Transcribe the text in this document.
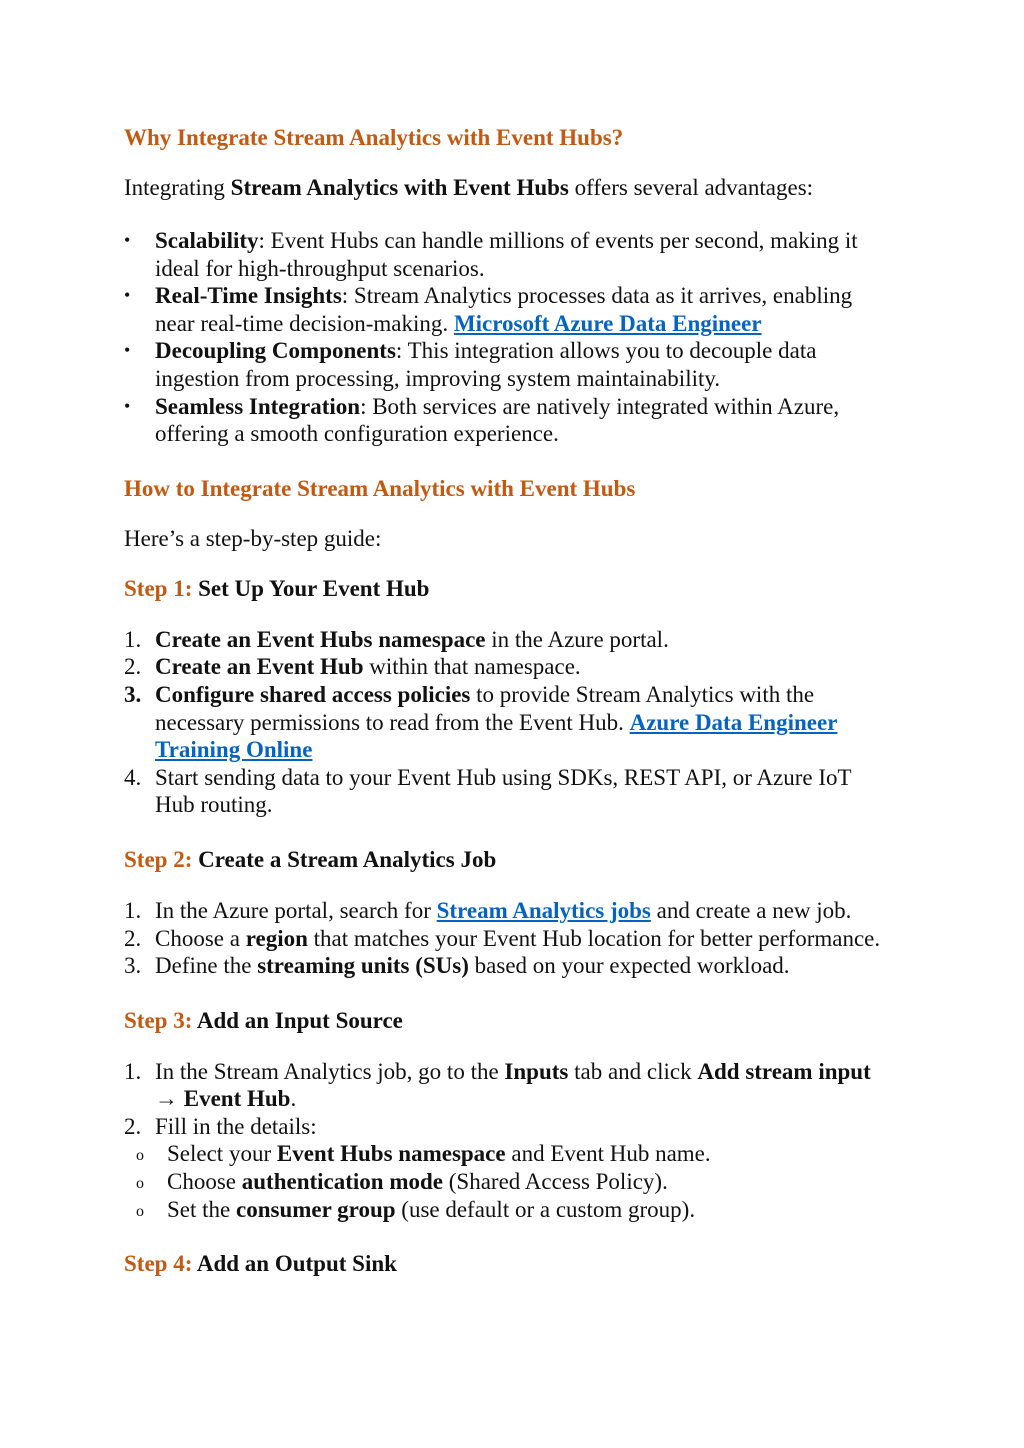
Why Integrate Stream Analytics with Event Hubs?

Integrating Stream Analytics with Event Hubs offers several advantages:

• Scalability: Event Hubs can handle millions of events per second, making it ideal for high-throughput scenarios.
• Real-Time Insights: Stream Analytics processes data as it arrives, enabling near real-time decision-making. Microsoft Azure Data Engineer
• Decoupling Components: This integration allows you to decouple data ingestion from processing, improving system maintainability.
• Seamless Integration: Both services are natively integrated within Azure, offering a smooth configuration experience.
How to Integrate Stream Analytics with Event Hubs

Here’s a step-by-step guide:

Step 1: Set Up Your Event Hub
1. Create an Event Hubs namespace in the Azure portal.
2. Create an Event Hub within that namespace.
3. Configure shared access policies to provide Stream Analytics with the necessary permissions to read from the Event Hub. Azure Data Engineer Training Online
4. Start sending data to your Event Hub using SDKs, REST API, or Azure IoT Hub routing.
Step 2: Create a Stream Analytics Job
1. In the Azure portal, search for Stream Analytics jobs and create a new job.
2. Choose a region that matches your Event Hub location for better performance.
3. Define the streaming units (SUs) based on your expected workload.
Step 3: Add an Input Source
1. In the Stream Analytics job, go to the Inputs tab and click Add stream input → Event Hub.
2. Fill in the details:
o Select your Event Hubs namespace and Event Hub name.
o Choose authentication mode (Shared Access Policy).
o Set the consumer group (use default or a custom group).
Step 4: Add an Output Sink
